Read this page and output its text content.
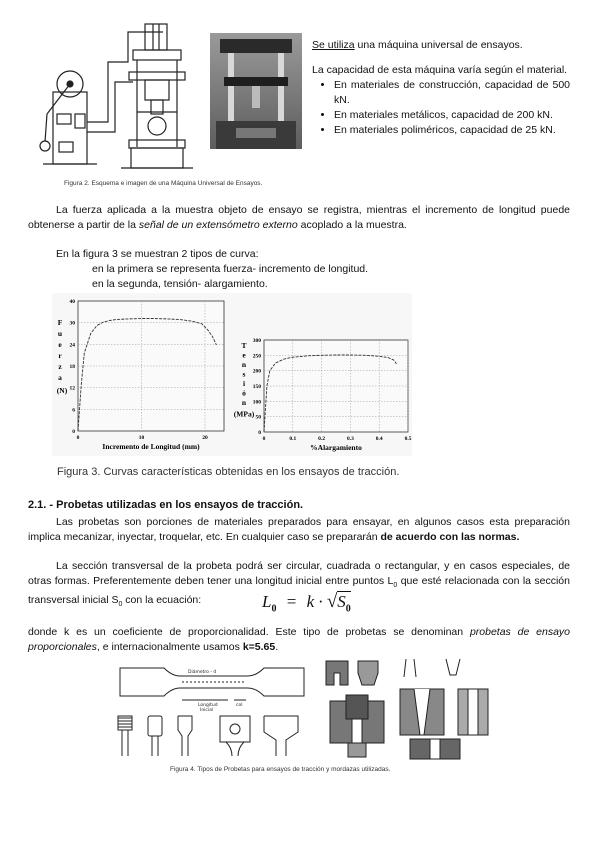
Figura 2. Esquema e imagen de una Máquina Universal de Ensayos.
Se utiliza una máquina universal de ensayos.
La capacidad de esta máquina varía según el material.
• En materiales de construcción, capacidad de 500 kN.
• En materiales metálicos, capacidad de 200 kN.
• En materiales poliméricos, capacidad de 25 kN.
La fuerza aplicada a la muestra objeto de ensayo se registra, mientras el incremento de longitud puede obtenerse a partir de la señal de un extensómetro externo acoplado a la muestra.
En la figura 3 se muestran 2 tipos de curva:
en la primera se representa fuerza- incremento de longitud.
en la segunda, tensión- alargamiento.
40
30
24
18
12
6
0
0	10	20
F
u
e
r
z
a
(N)
Incremento de Longitud (mm)
300
250
200
150
100
50
0
0	0.1	0.2	0.3	0.4	0.5
T
e
n
s
i
ó
n
(MPa)
%Alargamiento
Figura 3. Curvas características obtenidas en los ensayos de tracción.
2.1. - Probetas utilizadas en los ensayos de tracción.
Las probetas son porciones de materiales preparados para ensayar, en algunos casos esta preparación implica mecanizar, inyectar, troquelar, etc. En cualquier caso se prepararán de acuerdo con las normas.
La sección transversal de la probeta podrá ser circular, cuadrada o rectangular, y en casos especiales, de otras formas. Preferentemente deben tener una longitud inicial entre puntos $L_0$ que esté relacionada con la sección transversal inicial $S_0$ con la ecuación:	$L_0 = k \cdot √S_0$
donde k es un coeficiente de proporcionalidad. Este tipo de probetas se denominan probetas de ensayo proporcionales, e internacionalmente usamos k=5.65.
Diámetro - d
Longitud
Inicial
col
Figura 4. Tipos de Probetas para ensayos de tracción y mordazas utilizadas.
